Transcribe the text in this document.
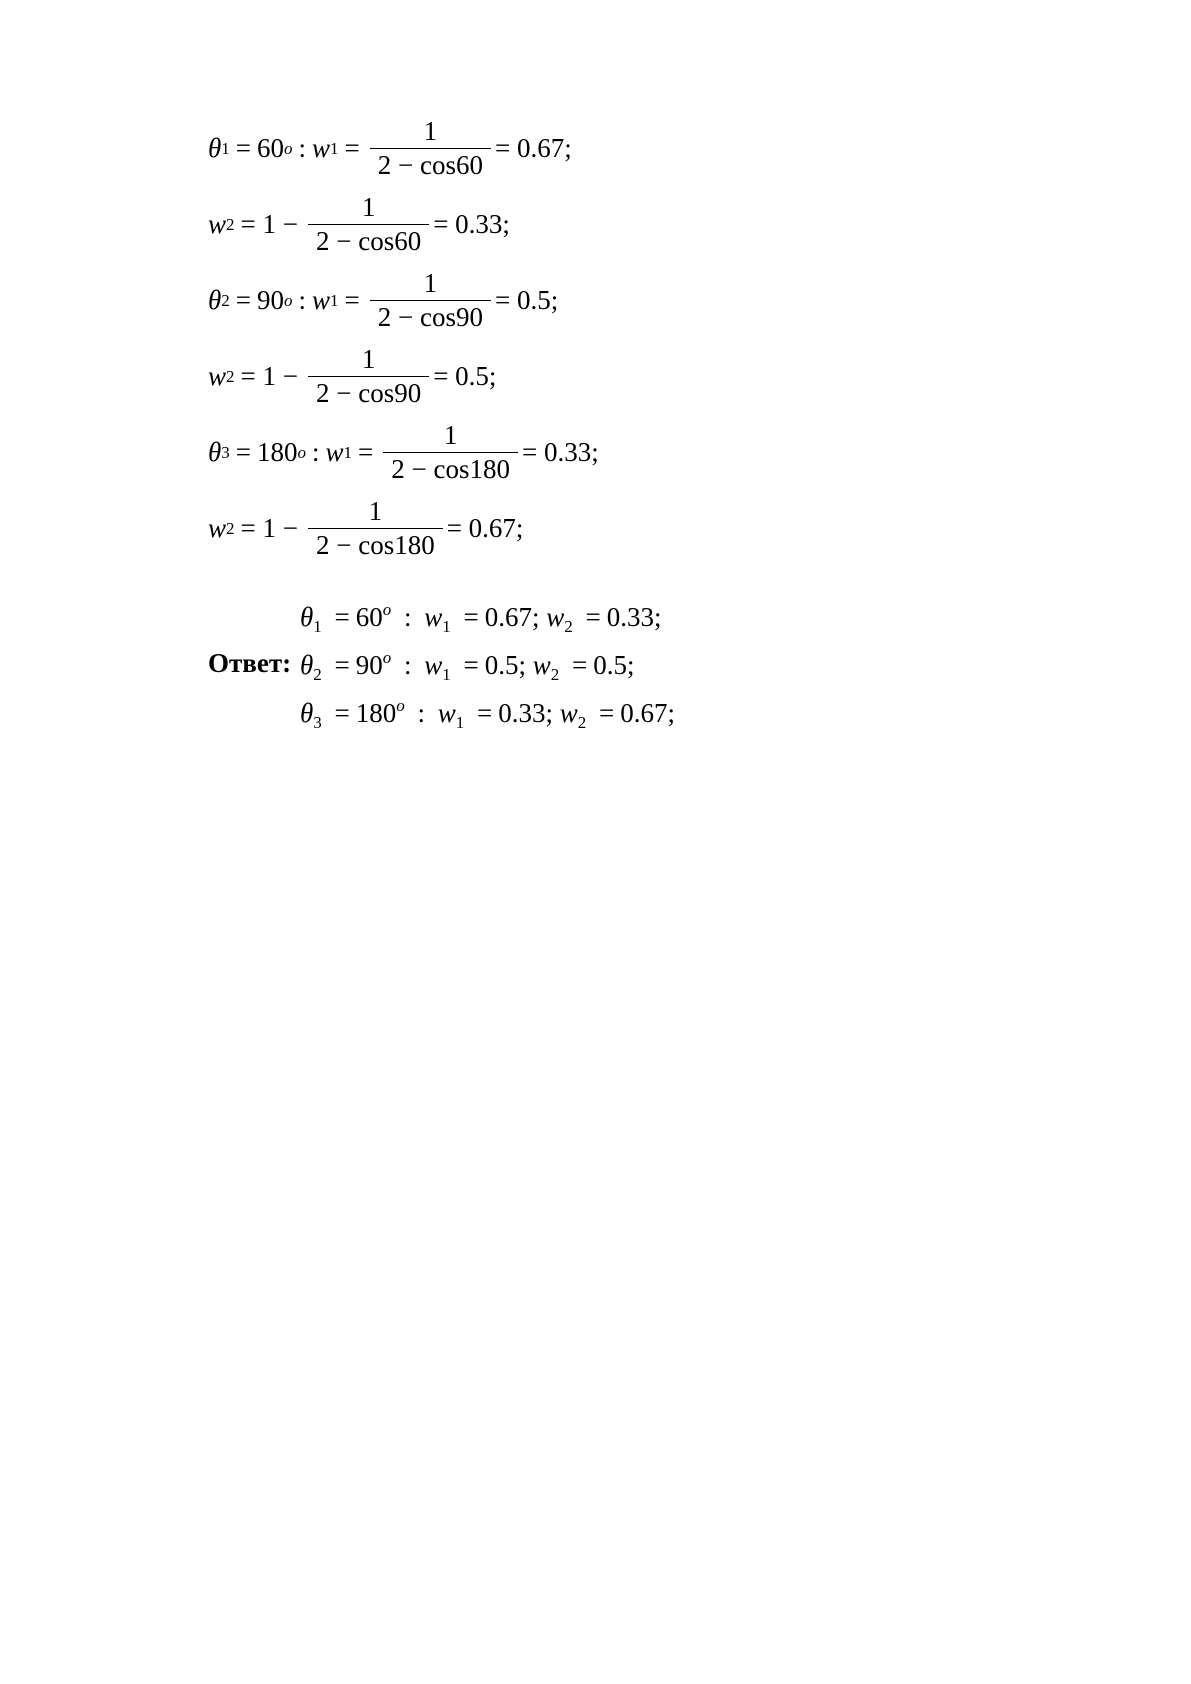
θ 1 = 60 o : w $1 = \frac{1}{2 - \cos 60} = 0.67$;
w $2 = 1 - \frac{1}{2 - \cos 60} = 0.33$;
θ 2 = 90 o : w $1 = \frac{1}{2 - \cos 90} = 0.5$;
w $2 = 1 - \frac{1}{2 - \cos 90} = 0.5$;
θ 3 = 180 o : w $1 = \frac{1}{2 - \cos 180} = 0.33$;
w $2 = 1 - \frac{1}{2 - \cos 180} = 0.67$;
Ответ:
$\theta_1 = 60^o$ : $w_1 = 0.67$; $w_2 = 0.33$;
$\theta_2 = 90^o$ : $w_1 = 0.5$; $w_2 = 0.5$;
$\theta_3 = 180^o$ : $w_1 = 0.33$; $w_2 = 0.67$;
